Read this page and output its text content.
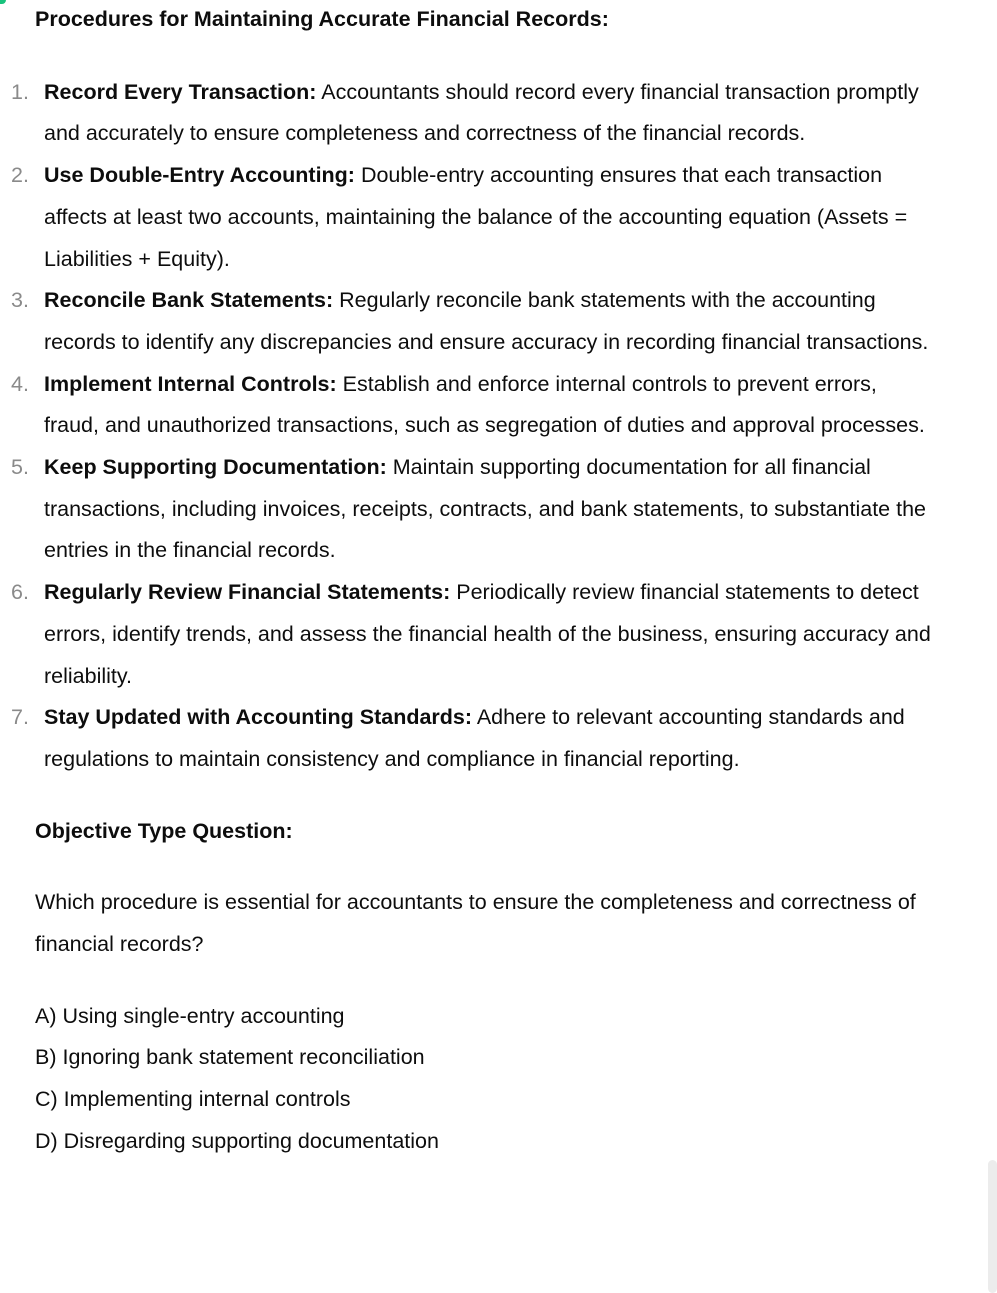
Procedures for Maintaining Accurate Financial Records:

1. Record Every Transaction: Accountants should record every financial transaction promptly and accurately to ensure completeness and correctness of the financial records.
2. Use Double-Entry Accounting: Double-entry accounting ensures that each transaction affects at least two accounts, maintaining the balance of the accounting equation (Assets = Liabilities + Equity).
3. Reconcile Bank Statements: Regularly reconcile bank statements with the accounting records to identify any discrepancies and ensure accuracy in recording financial transactions.
4. Implement Internal Controls: Establish and enforce internal controls to prevent errors, fraud, and unauthorized transactions, such as segregation of duties and approval processes.
5. Keep Supporting Documentation: Maintain supporting documentation for all financial transactions, including invoices, receipts, contracts, and bank statements, to substantiate the entries in the financial records.
6. Regularly Review Financial Statements: Periodically review financial statements to detect errors, identify trends, and assess the financial health of the business, ensuring accuracy and reliability.
7. Stay Updated with Accounting Standards: Adhere to relevant accounting standards and regulations to maintain consistency and compliance in financial reporting.

Objective Type Question:

Which procedure is essential for accountants to ensure the completeness and correctness of financial records?

A) Using single-entry accounting

B) Ignoring bank statement reconciliation

C) Implementing internal controls

D) Disregarding supporting documentation
